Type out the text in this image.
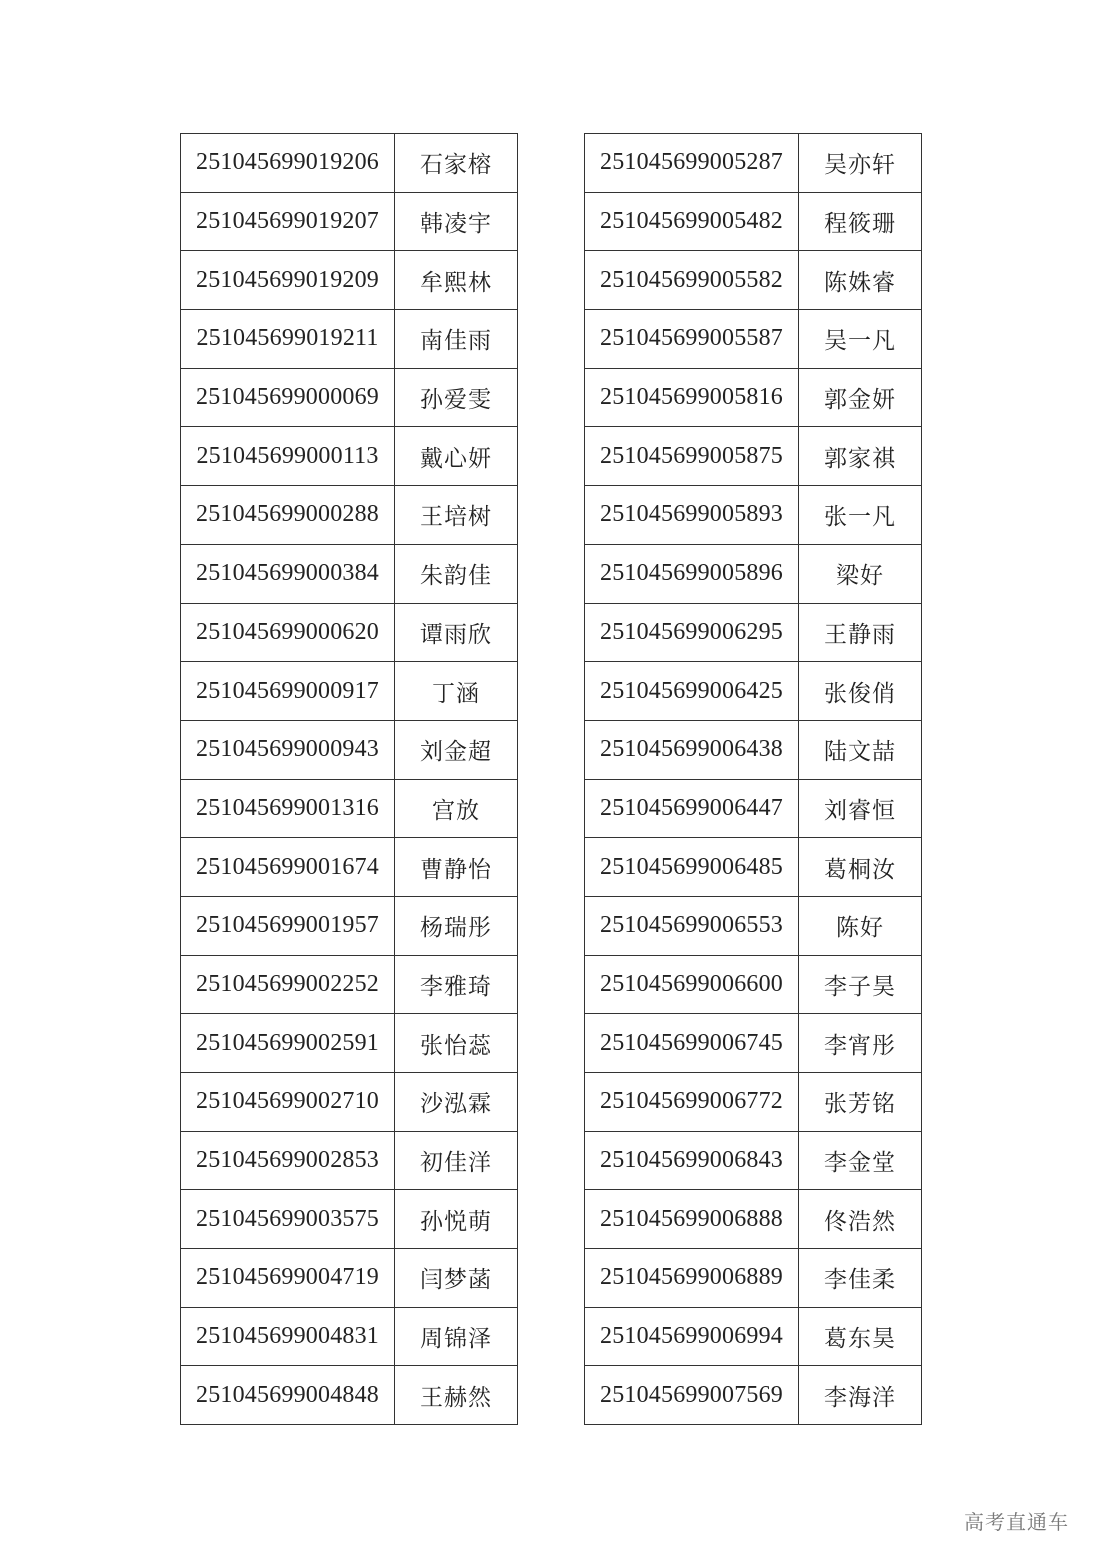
251045699019206	石家榕
251045699019207	韩凌宇
251045699019209	牟熙林
251045699019211	南佳雨
251045699000069	孙爱雯
251045699000113	戴心妍
251045699000288	王培树
251045699000384	朱韵佳
251045699000620	谭雨欣
251045699000917	丁涵
251045699000943	刘金超
251045699001316	宫放
251045699001674	曹静怡
251045699001957	杨瑞彤
251045699002252	李雅琦
251045699002591	张怡蕊
251045699002710	沙泓霖
251045699002853	初佳洋
251045699003575	孙悦萌
251045699004719	闫梦菡
251045699004831	周锦泽
251045699004848	王赫然
251045699005287	吴亦轩
251045699005482	程筱珊
251045699005582	陈姝睿
251045699005587	吴一凡
251045699005816	郭金妍
251045699005875	郭家祺
251045699005893	张一凡
251045699005896	梁好
251045699006295	王静雨
251045699006425	张俊俏
251045699006438	陆文喆
251045699006447	刘睿恒
251045699006485	葛桐汝
251045699006553	陈好
251045699006600	李子昊
251045699006745	李宵彤
251045699006772	张芳铭
251045699006843	李金堂
251045699006888	佟浩然
251045699006889	李佳柔
251045699006994	葛东昊
251045699007569	李海洋
高考直通车
